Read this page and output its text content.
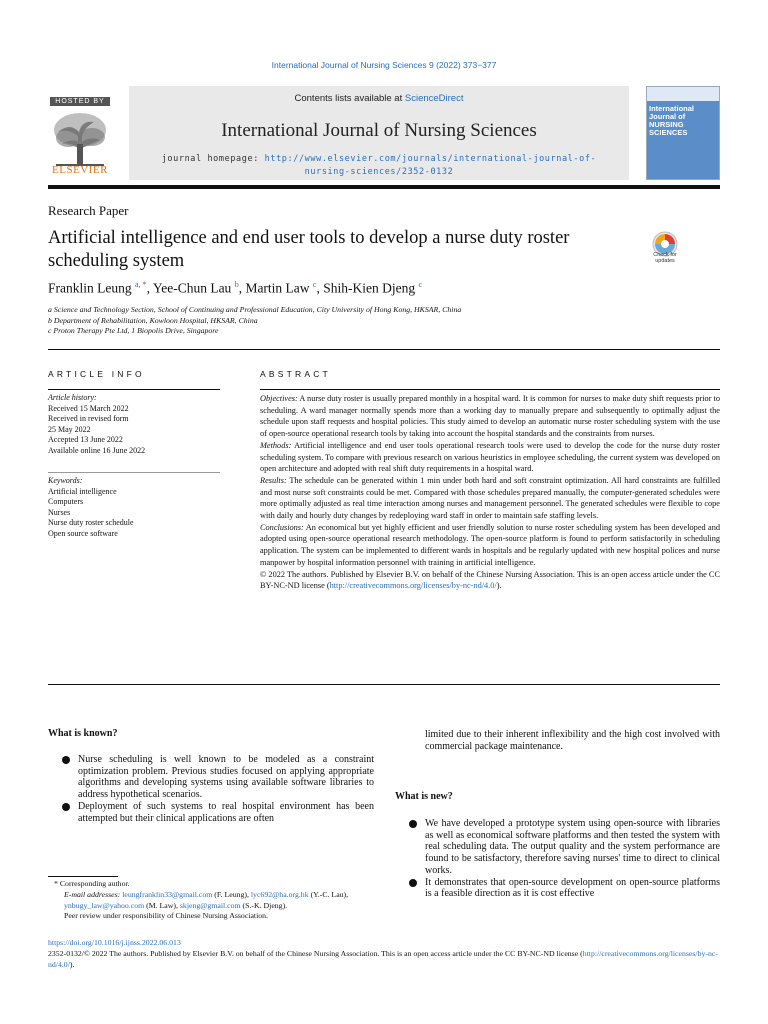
International Journal of Nursing Sciences 9 (2022) 373−377
HOSTED BY
ELSEVIER
Contents lists available at ScienceDirect
International Journal of Nursing Sciences
journal homepage: http://www.elsevier.com/journals/international-journal-of-
nursing-sciences/2352-0132
International Journal of NURSING SCIENCES
Research Paper
Artificial intelligence and end user tools to develop a nurse duty roster scheduling system	Check for updates
Franklin Leung $^{a, *}$, Yee-Chun Lau $^b$, Martin Law $^c$, Shih-Kien Djeng $^c$
a Science and Technology Section, School of Continuing and Professional Education, City University of Hong Kong, HKSAR, China
b Department of Rehabilitation, Kowloon Hospital, HKSAR, China
c Proton Therapy Pte Ltd, 1 Biopolis Drive, Singapore
ARTICLE INFO	ABSTRACT
Article history:
Received 15 March 2022
Received in revised form
25 May 2022
Accepted 13 June 2022
Available online 16 June 2022
Keywords:
Artificial intelligence
Computers
Nurses
Nurse duty roster schedule
Open source software
Objectives: A nurse duty roster is usually prepared monthly in a hospital ward. It is common for nurses to make duty shift requests prior to scheduling. A ward manager normally spends more than a working day to manually prepare and subsequently to optimally adjust the schedule upon staff requests and hospital policies. This study aimed to develop an automatic nurse roster scheduling system with the use of open-source operational research tools by taking into account the hospital standards and the constraints from nurses.
Methods: Artificial intelligence and end user tools operational research tools were used to develop the code for the nurse duty roster scheduling system. To compare with previous research on various heuristics in employee scheduling, the current system was developed on open architecture and adopted with real shift duty requirements in a hospital ward.
Results: The schedule can be generated within 1 min under both hard and soft constraint optimization. All hard constraints are fulfilled and most nurse soft constraints could be met. Compared with those schedules prepared manually, the computer-generated schedules were more optimally adjusted as real time interaction among nurses and management personnel. The generated schedules were flexible to cope with daily and hourly duty changes by redeploying ward staff in order to maintain safe staffing levels.
Conclusions: An economical but yet highly efficient and user friendly solution to nurse roster scheduling system has been developed and adopted using open-source operational research methodology. The open-source platform is found to perform satisfactorily in scheduling application. The system can be implemented to different wards in hospitals and be regularly updated with new hospital polices and nurse manpower by hospital information personnel with training in artificial intelligence.
© 2022 The authors. Published by Elsevier B.V. on behalf of the Chinese Nursing Association. This is an open access article under the CC BY-NC-ND license (http://creativecommons.org/licenses/by-nc-nd/4.0/).
What is known?
Nurse scheduling is well known to be modeled as a constraint optimization problem. Previous studies focused on applying appropriate algorithms and developing systems using available software libraries to address hypothetical scenarios.
Deployment of such systems to real hospital environment has been attempted but their clinical applications are often
limited due to their inherent inflexibility and the high cost involved with commercial package maintenance.
What is new?
We have developed a prototype system using open-source with libraries as well as economical software platforms and then tested the system with real scheduling data. The output quality and the system performance are found to be satisfactory, therefore saving nurses' time to direct to clinical works.
It demonstrates that open-source development on open-source platforms is a feasible direction as it is cost effective
* Corresponding author.
E-mail addresses: leungfranklin33@gmail.com (F. Leung), lyc692@ha.org.hk (Y.-C. Lau), ynbugy_law@yahoo.com (M. Law), skjeng@gmail.com (S.-K. Djeng).
Peer review under responsibility of Chinese Nursing Association.
https://doi.org/10.1016/j.ijnss.2022.06.013
2352-0132/© 2022 The authors. Published by Elsevier B.V. on behalf of the Chinese Nursing Association. This is an open access article under the CC BY-NC-ND license (http://creativecommons.org/licenses/by-nc-nd/4.0/).
